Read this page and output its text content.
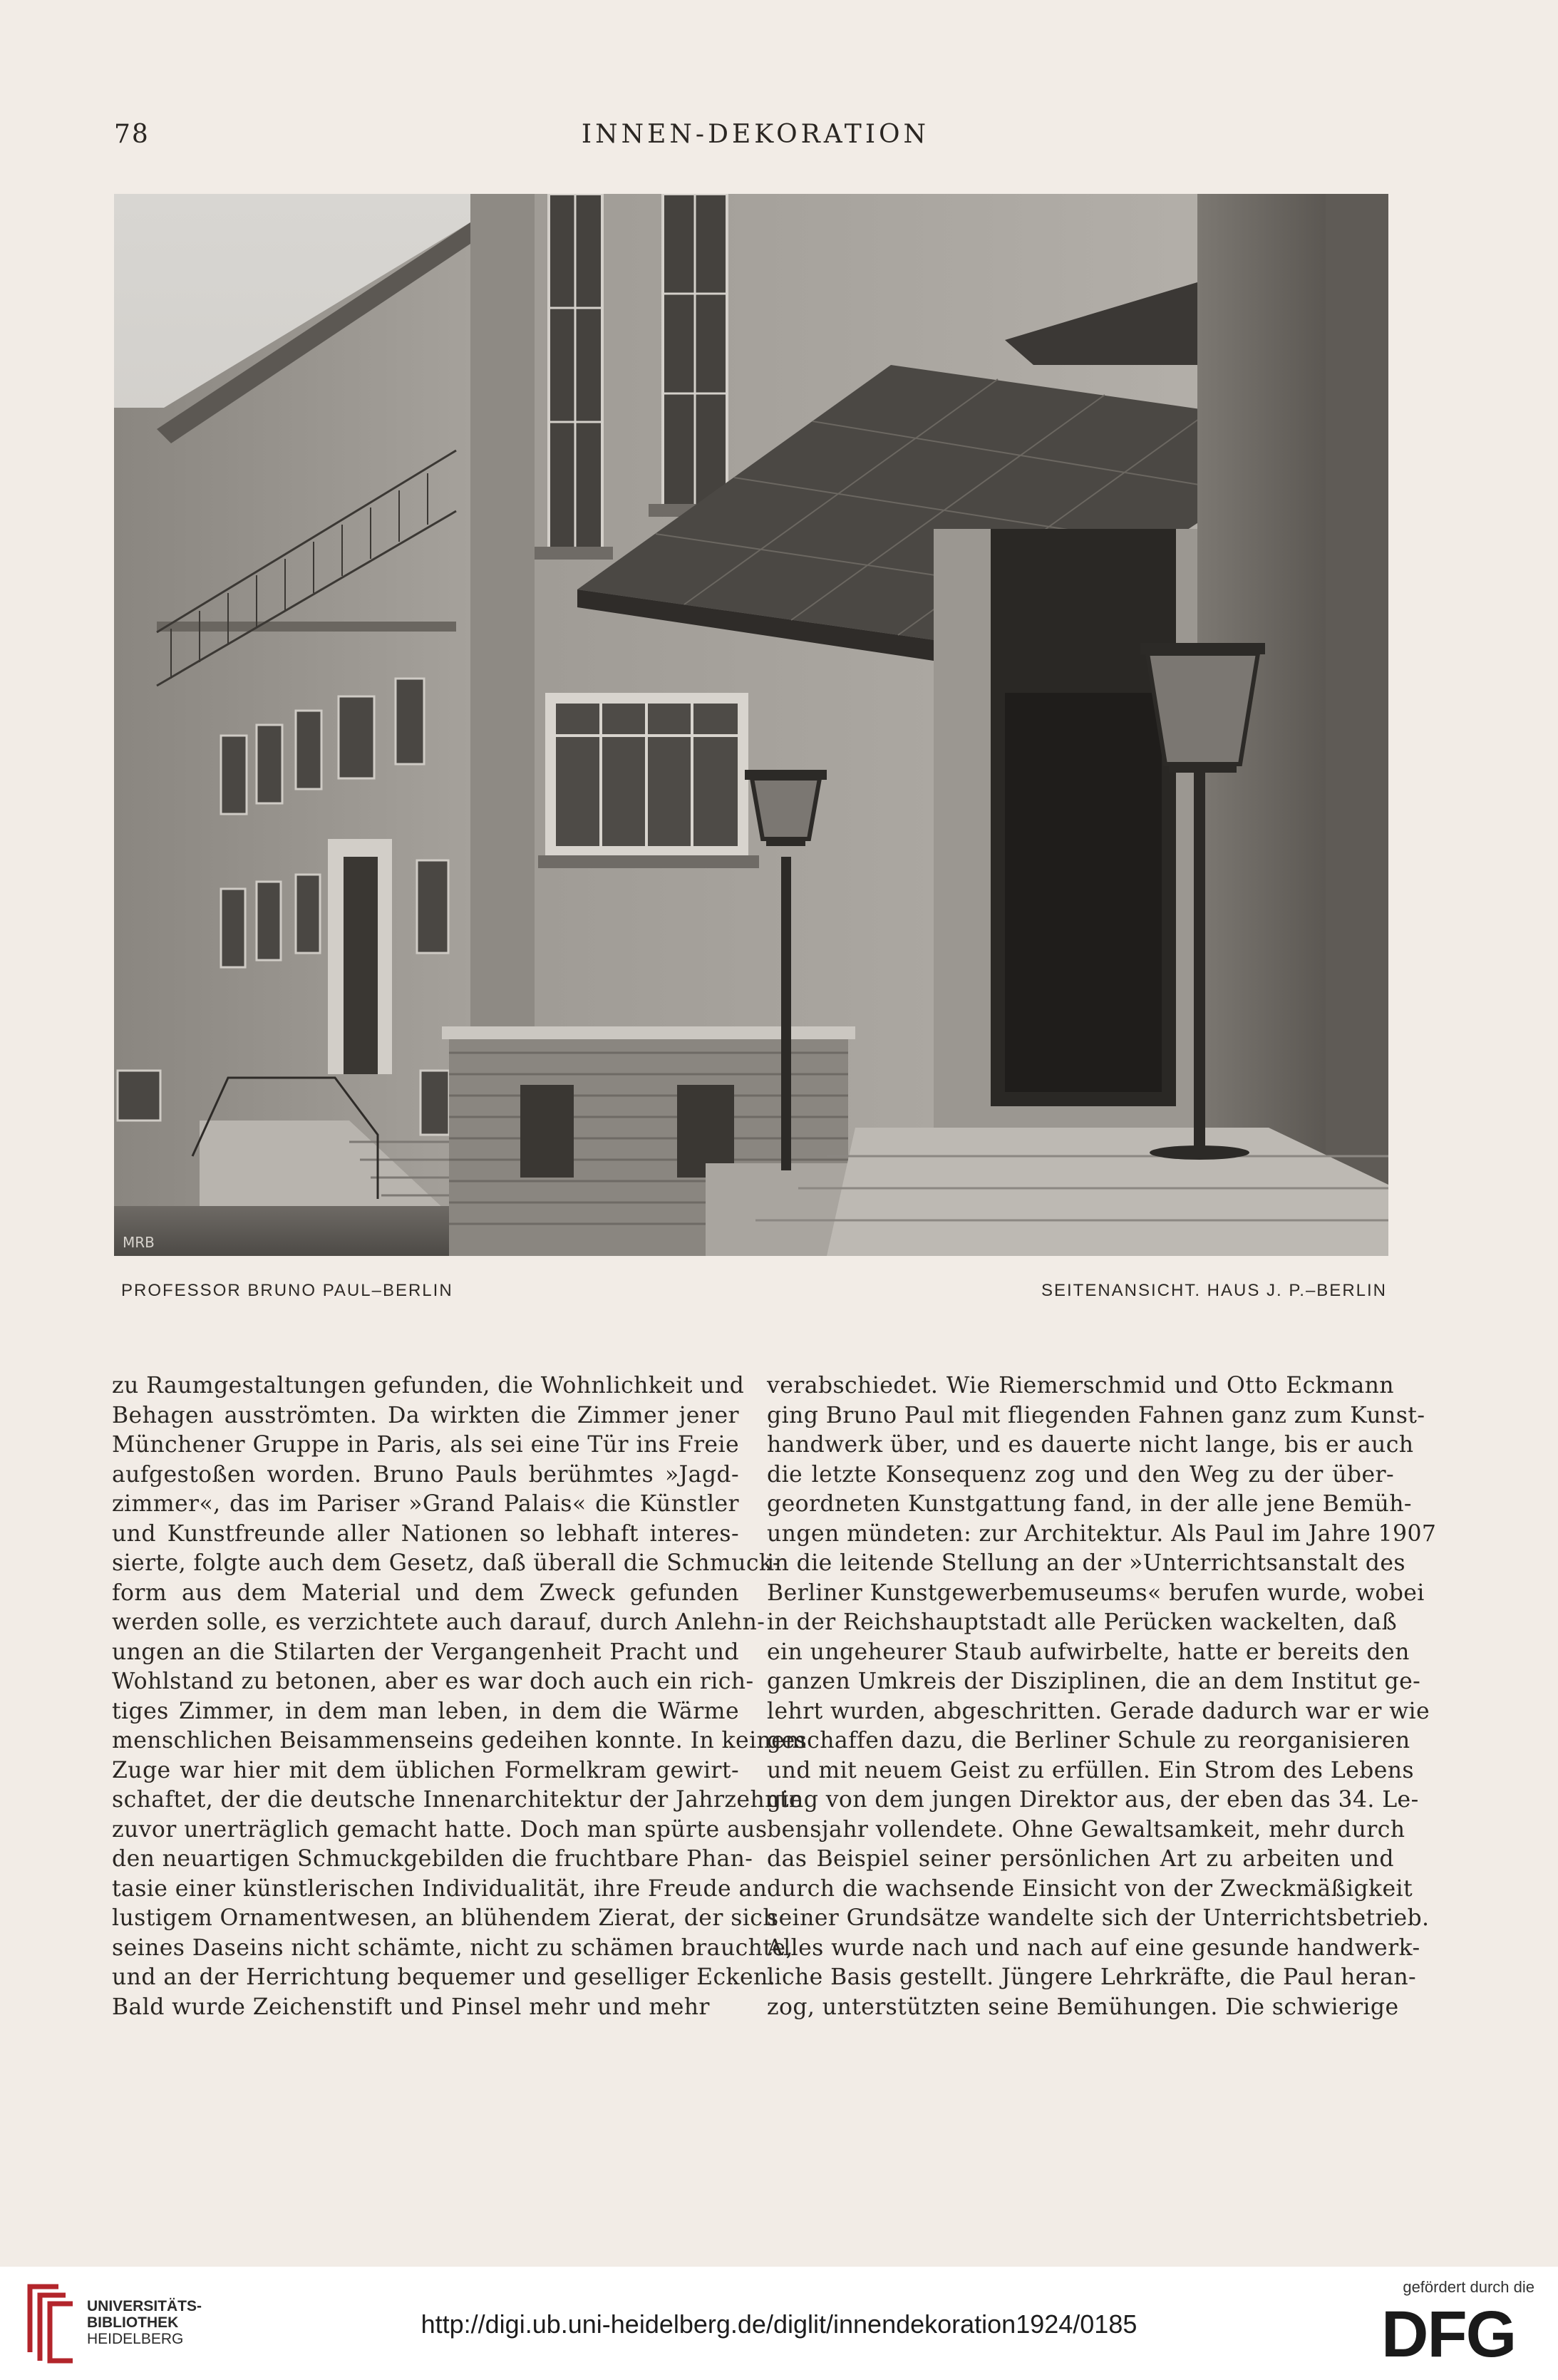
78	INNEN-DEKORATION
MRB
PROFESSOR BRUNO PAUL–BERLIN	SEITENANSICHT. HAUS J. P.–BERLIN
zu Raumgestaltungen gefunden, die Wohnlichkeit und
Behagen ausströmten. Da wirkten die Zimmer jener
Münchener Gruppe in Paris, als sei eine Tür ins Freie
aufgestoßen worden. Bruno Pauls berühmtes »Jagd-
zimmer«, das im Pariser »Grand Palais« die Künstler
und Kunstfreunde aller Nationen so lebhaft interes-
sierte, folgte auch dem Gesetz, daß überall die Schmuck-
form aus dem Material und dem Zweck gefunden
werden solle, es verzichtete auch darauf, durch Anlehn-
ungen an die Stilarten der Vergangenheit Pracht und
Wohlstand zu betonen, aber es war doch auch ein rich-
tiges Zimmer, in dem man leben, in dem die Wärme
menschlichen Beisammenseins gedeihen konnte. In keinem
Zuge war hier mit dem üblichen Formelkram gewirt-
schaftet, der die deutsche Innenarchitektur der Jahrzehnte
zuvor unerträglich gemacht hatte. Doch man spürte aus
den neuartigen Schmuckgebilden die fruchtbare Phan-
tasie einer künstlerischen Individualität, ihre Freude an
lustigem Ornamentwesen, an blühendem Zierat, der sich
seines Daseins nicht schämte, nicht zu schämen brauchte,
und an der Herrichtung bequemer und geselliger Ecken.
Bald wurde Zeichenstift und Pinsel mehr und mehr
verabschiedet. Wie Riemerschmid und Otto Eckmann
ging Bruno Paul mit fliegenden Fahnen ganz zum Kunst-
handwerk über, und es dauerte nicht lange, bis er auch
die letzte Konsequenz zog und den Weg zu der über-
geordneten Kunstgattung fand, in der alle jene Bemüh-
ungen mündeten: zur Architektur. Als Paul im Jahre 1907
in die leitende Stellung an der »Unterrichtsanstalt des
Berliner Kunstgewerbemuseums« berufen wurde, wobei
in der Reichshauptstadt alle Perücken wackelten, daß
ein ungeheurer Staub aufwirbelte, hatte er bereits den
ganzen Umkreis der Disziplinen, die an dem Institut ge-
lehrt wurden, abgeschritten. Gerade dadurch war er wie
geschaffen dazu, die Berliner Schule zu reorganisieren
und mit neuem Geist zu erfüllen. Ein Strom des Lebens
ging von dem jungen Direktor aus, der eben das 34. Le-
bensjahr vollendete. Ohne Gewaltsamkeit, mehr durch
das Beispiel seiner persönlichen Art zu arbeiten und
durch die wachsende Einsicht von der Zweckmäßigkeit
seiner Grundsätze wandelte sich der Unterrichtsbetrieb.
Alles wurde nach und nach auf eine gesunde handwerk-
liche Basis gestellt. Jüngere Lehrkräfte, die Paul heran-
zog, unterstützten seine Bemühungen. Die schwierige
UNIVERSITÄTS-
BIBLIOTHEK
HEIDELBERG
http://digi.ub.uni-heidelberg.de/diglit/innendekoration1924/0185
gefördert durch die
DFG
